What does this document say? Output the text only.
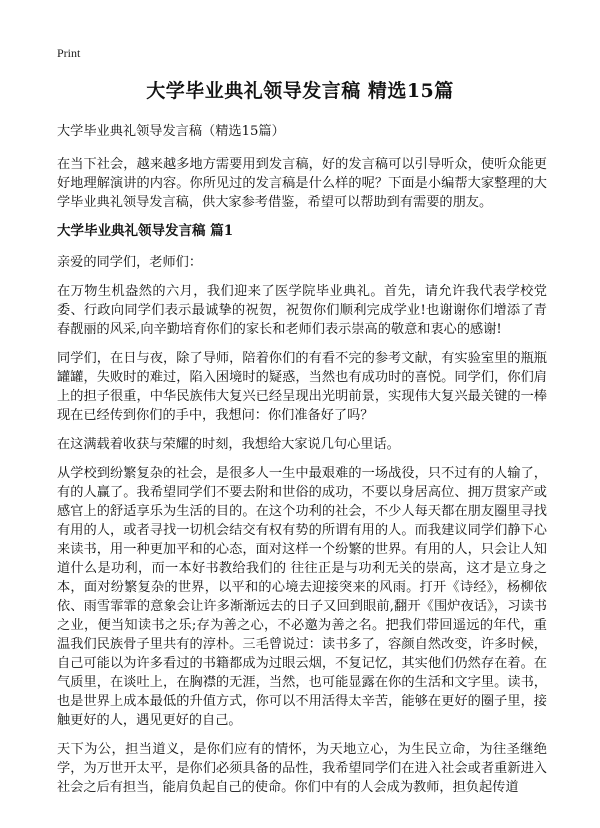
Print
大学毕业典礼领导发言稿 精选15篇

大学毕业典礼领导发言稿（精选15篇）

在当下社会，越来越多地方需要用到发言稿，好的发言稿可以引导听众，使听众能更好地理解演讲的内容。你所见过的发言稿是什么样的呢？下面是小编帮大家整理的大学毕业典礼领导发言稿，供大家参考借鉴，希望可以帮助到有需要的朋友。

大学毕业典礼领导发言稿 篇1

亲爱的同学们，老师们：

在万物生机盎然的六月，我们迎来了医学院毕业典礼。首先，请允许我代表学校党委、行政向同学们表示最诚挚的祝贺，祝贺你们顺利完成学业!也谢谢你们增添了青春靓丽的风采,向辛勤培育你们的家长和老师们表示崇高的敬意和衷心的感谢!

同学们，在日与夜，除了导师，陪着你们的有看不完的参考文献，有实验室里的瓶瓶罐罐，失败时的难过，陷入困境时的疑惑，当然也有成功时的喜悦。同学们，你们肩上的担子很重，中华民族伟大复兴已经呈现出光明前景，实现伟大复兴最关键的一棒现在已经传到你们的手中，我想问：你们准备好了吗？

在这满载着收获与荣耀的时刻，我想给大家说几句心里话。

从学校到纷繁复杂的社会，是很多人一生中最艰难的一场战役，只不过有的人输了，有的人赢了。我希望同学们不要去附和世俗的成功，不要以身居高位、拥万贯家产或感官上的舒适享乐为生活的目的。在这个功利的社会，不少人每天都在朋友圈里寻找有用的人，或者寻找一切机会结交有权有势的所谓有用的人。而我建议同学们静下心来读书，用一种更加平和的心态，面对这样一个纷繁的世界。有用的人，只会让人知道什么是功利，而一本好书教给我们的 往往正是与功利无关的崇高，这才是立身之本，面对纷繁复杂的世界，以平和的心境去迎接突来的风雨。打开《诗经》，杨柳依依、雨雪霏霏的意象会让许多渐渐远去的日子又回到眼前,翻开《围炉夜话》，习读书之业，便当知读书之乐;存为善之心，不必邀为善之名。把我们带回遥远的年代，重温我们民族骨子里共有的淳朴。三毛曾说过：读书多了，容颜自然改变，许多时候，自己可能以为许多看过的书籍都成为过眼云烟，不复记忆，其实他们仍然存在着。在气质里，在谈吐上，在胸襟的无涯，当然，也可能显露在你的生活和文字里。读书，也是世界上成本最低的升值方式，你可以不用活得太辛苦，能够在更好的圈子里，接触更好的人，遇见更好的自己。

天下为公，担当道义，是你们应有的情怀，为天地立心，为生民立命，为往圣继绝学，为万世开太平，是你们必须具备的品性，我希望同学们在进入社会或者重新进入社会之后有担当，能肩负起自己的使命。你们中有的人会成为教师，担负起传道
